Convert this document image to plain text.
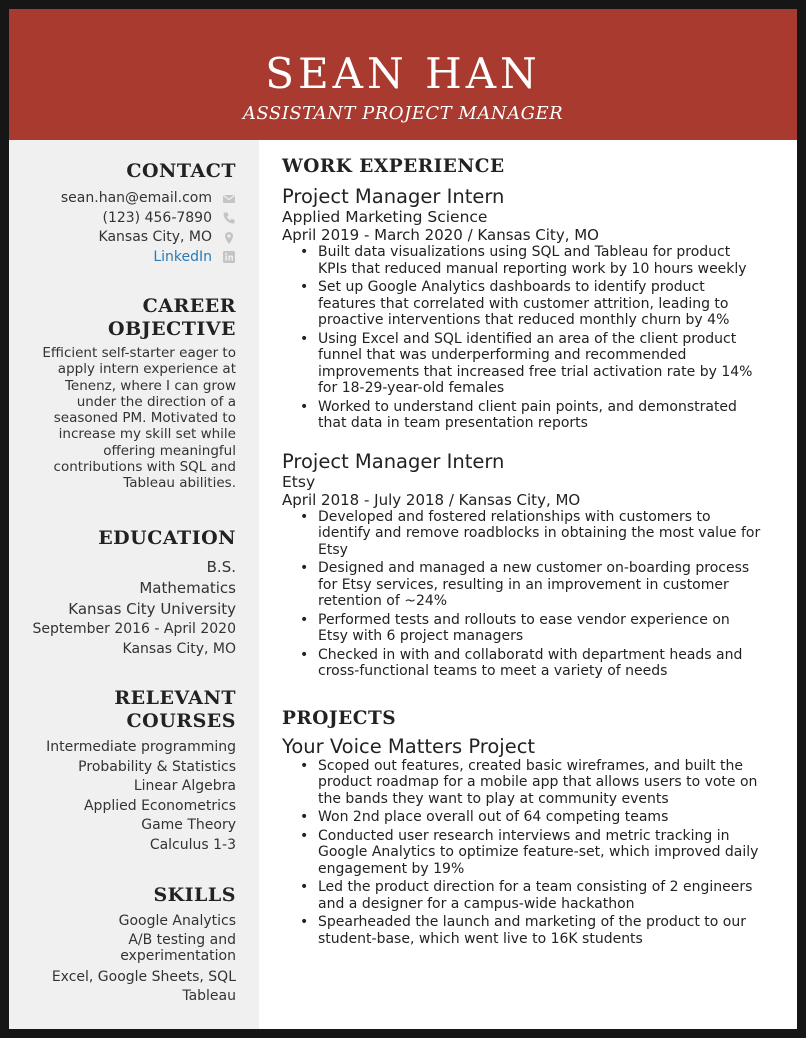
SEAN HAN
ASSISTANT PROJECT MANAGER
CONTACT
sean.han@email.com
(123) 456-7890
Kansas City, MO
LinkedIn
CAREER
OBJECTIVE
Efficient self-starter eager to apply intern experience at Tenenz, where I can grow under the direction of a seasoned PM. Motivated to increase my skill set while offering meaningful contributions with SQL and Tableau abilities.
EDUCATION
B.S.
Mathematics
Kansas City University
September 2016 - April 2020
Kansas City, MO
RELEVANT
COURSES
Intermediate programming
Probability & Statistics
Linear Algebra
Applied Econometrics
Game Theory
Calculus 1-3
SKILLS
Google Analytics
A/B testing and
experimentation
Excel, Google Sheets, SQL
Tableau
WORK EXPERIENCE
Project Manager Intern
Applied Marketing Science
April 2019 - March 2020 / Kansas City, MO
• Built data visualizations using SQL and Tableau for product KPIs that reduced manual reporting work by 10 hours weekly
• Set up Google Analytics dashboards to identify product features that correlated with customer attrition, leading to proactive interventions that reduced monthly churn by 4%
• Using Excel and SQL identified an area of the client product funnel that was underperforming and recommended improvements that increased free trial activation rate by 14% for 18-29-year-old females
• Worked to understand client pain points, and demonstrated that data in team presentation reports
Project Manager Intern
Etsy
April 2018 - July 2018 / Kansas City, MO
• Developed and fostered relationships with customers to identify and remove roadblocks in obtaining the most value for Etsy
• Designed and managed a new customer on-boarding process for Etsy services, resulting in an improvement in customer retention of ~24%
• Performed tests and rollouts to ease vendor experience on Etsy with 6 project managers
• Checked in with and collaboratd with department heads and cross-functional teams to meet a variety of needs
PROJECTS
Your Voice Matters Project
• Scoped out features, created basic wireframes, and built the product roadmap for a mobile app that allows users to vote on the bands they want to play at community events
• Won 2nd place overall out of 64 competing teams
• Conducted user research interviews and metric tracking in Google Analytics to optimize feature-set, which improved daily engagement by 19%
• Led the product direction for a team consisting of 2 engineers and a designer for a campus-wide hackathon
• Spearheaded the launch and marketing of the product to our student-base, which went live to 16K students
